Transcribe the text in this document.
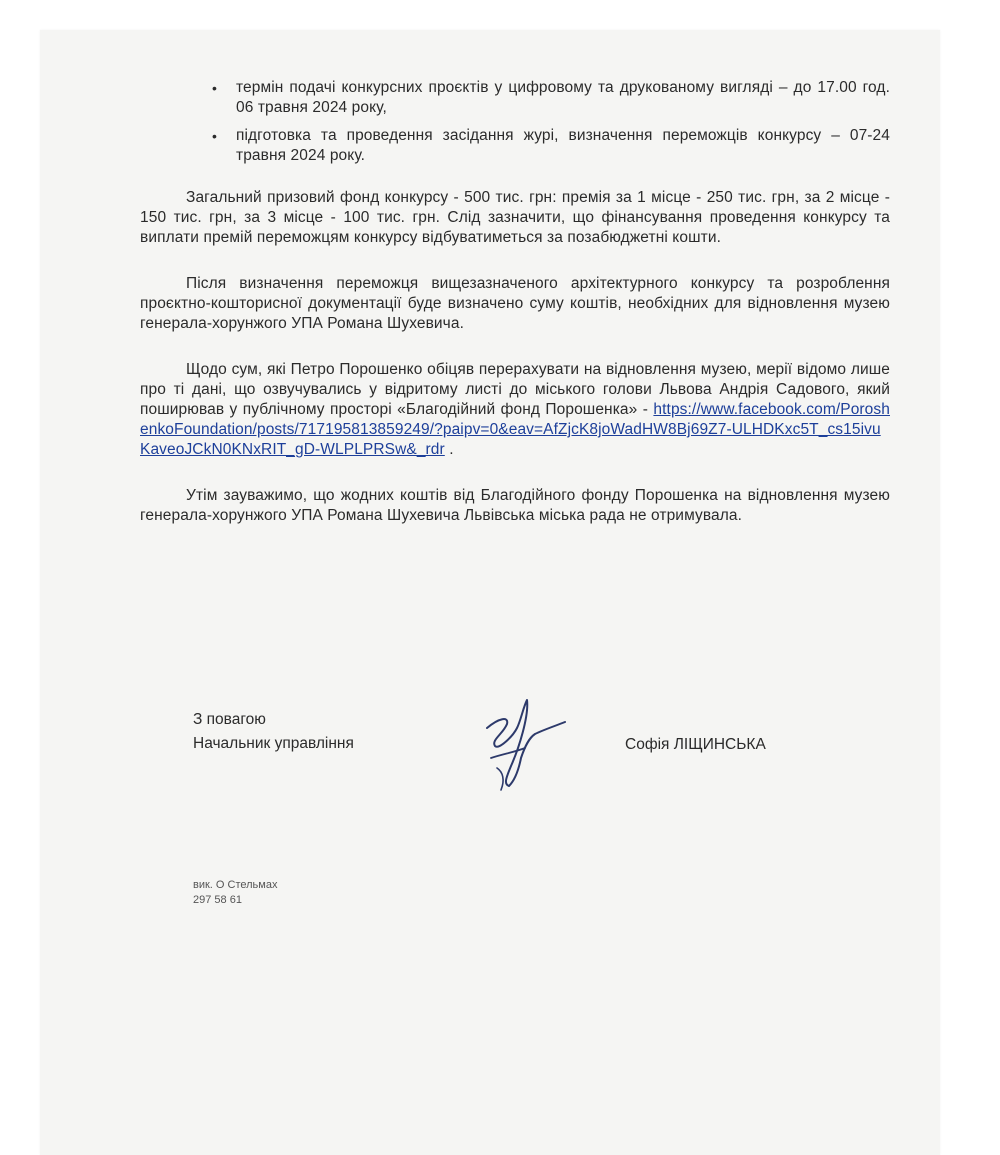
• термін подачі конкурсних проєктів у цифровому та друкованому вигляді – до 17.00 год. 06 травня 2024 року,
• підготовка та проведення засідання журі, визначення переможців конкурсу – 07-24 травня 2024 року.

Загальний призовий фонд конкурсу - 500 тис. грн: премія за 1 місце - 250 тис. грн, за 2 місце - 150 тис. грн, за 3 місце - 100 тис. грн. Слід зазначити, що фінансування проведення конкурсу та виплати премій переможцям конкурсу відбуватиметься за позабюджетні кошти.

Після визначення переможця вищезазначеного архітектурного конкурсу та розроблення проєктно-кошторисної документації буде визначено суму коштів, необхідних для відновлення музею генерала-хорунжого УПА Романа Шухевича.

Щодо сум, які Петро Порошенко обіцяв перерахувати на відновлення музею, мерії відомо лише про ті дані, що озвучувались у відритому листі до міського голови Львова Андрія Садового, який поширював у публічному просторі «Благодійний фонд Порошенка» - https://www.facebook.com/PoroshenkoFoundation/posts/717195813859249/?paipv=0&eav=AfZjcK8joWadHW8Bj69Z7-ULHDKxc5T_cs15ivuKaveoJCkN0KNxRIT_gD-WLPLPRSw&_rdr .

Утім зауважимо, що жодних коштів від Благодійного фонду Порошенка на відновлення музею генерала-хорунжого УПА Романа Шухевича Львівська міська рада не отримувала.

З повагою
Начальник управління	Софія ЛІЩИНСЬКА
вик. О Стельмах
297 58 61
